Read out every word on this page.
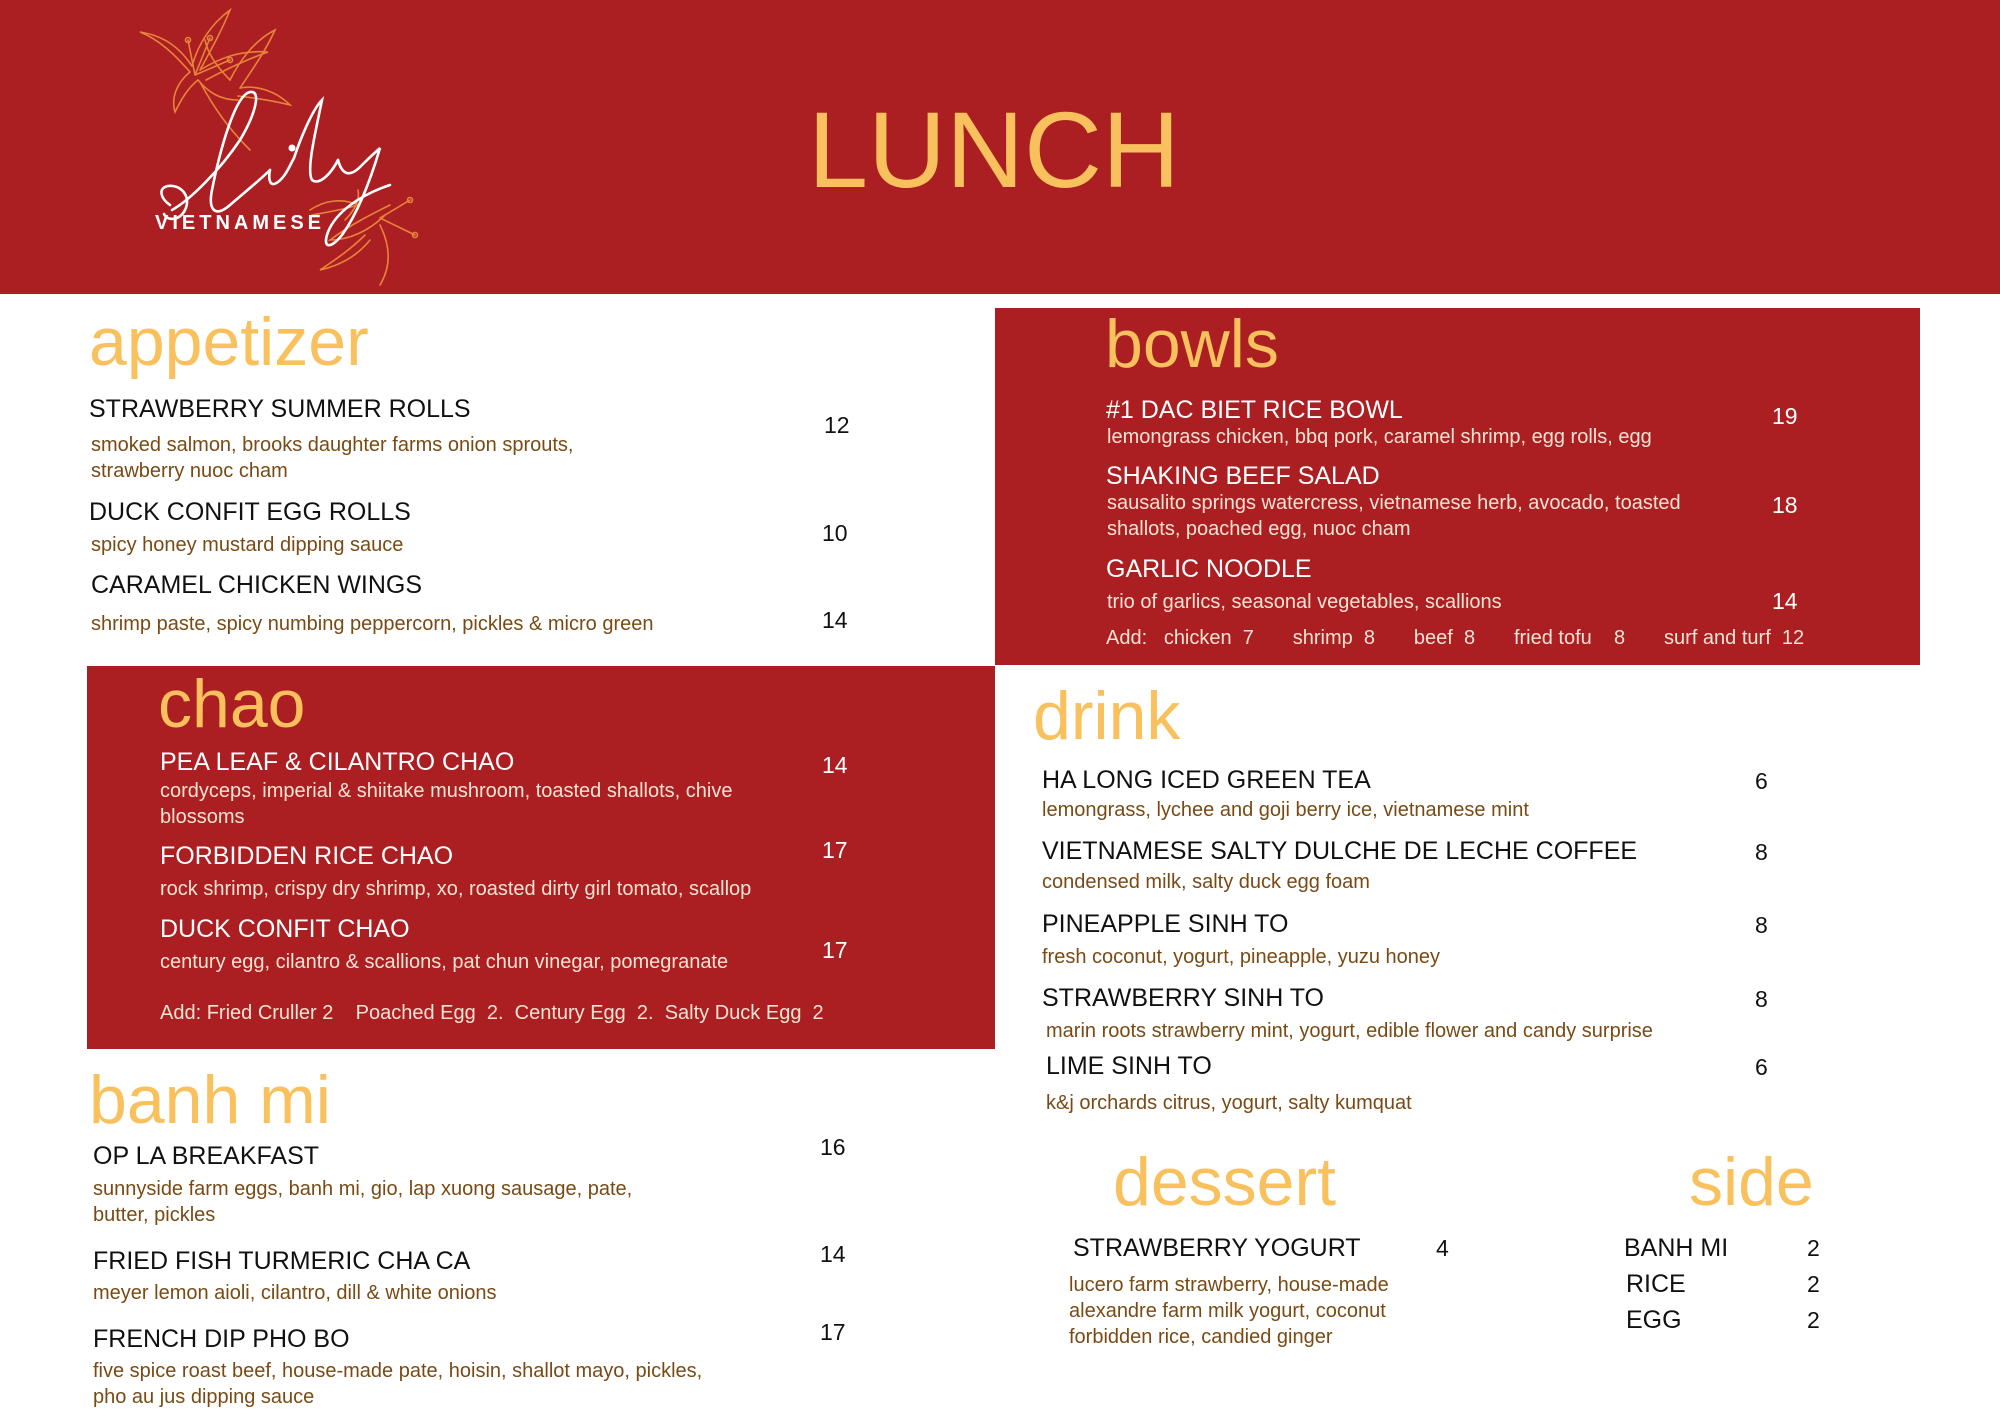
VIETNAMESE
LUNCH
appetizer
STRAWBERRY SUMMER ROLLS
smoked salmon, brooks daughter farms onion sprouts, strawberry nuoc cham
12
DUCK CONFIT EGG ROLLS
spicy honey mustard dipping sauce	10
CARAMEL CHICKEN WINGS
shrimp paste, spicy numbing peppercorn, pickles & micro green	14
bowls
#1 DAC BIET RICE BOWL
lemongrass chicken, bbq pork, caramel shrimp, egg rolls, egg
19
SHAKING BEEF SALAD
sausalito springs watercress, vietnamese herb, avocado, toasted shallots, poached egg, nuoc cham
18
GARLIC NOODLE
trio of garlics, seasonal vegetables, scallions	14
Add:   chicken  7       shrimp  8       beef  8       fried tofu    8       surf and turf  12
chao
PEA LEAF & CILANTRO CHAO
cordyceps, imperial & shiitake mushroom, toasted shallots, chive blossoms
14
FORBIDDEN RICE CHAO
rock shrimp, crispy dry shrimp, xo, roasted dirty girl tomato, scallop
17
DUCK CONFIT CHAO
century egg, cilantro & scallions, pat chun vinegar, pomegranate	17
Add: Fried Cruller 2    Poached Egg  2.  Century Egg  2.  Salty Duck Egg  2
drink
HA LONG ICED GREEN TEA
lemongrass, lychee and goji berry ice, vietnamese mint
6
VIETNAMESE SALTY DULCHE DE LECHE COFFEE
condensed milk, salty duck egg foam
8
PINEAPPLE SINH TO
fresh coconut, yogurt, pineapple, yuzu honey
8
STRAWBERRY SINH TO
marin roots strawberry mint, yogurt, edible flower and candy surprise
8
LIME SINH TO
k&j orchards citrus, yogurt, salty kumquat
6
banh mi
OP LA BREAKFAST
sunnyside farm eggs, banh mi, gio, lap xuong sausage, pate, butter, pickles
16
FRIED FISH TURMERIC CHA CA
meyer lemon aioli, cilantro, dill & white onions
14
FRENCH DIP PHO BO
five spice roast beef, house-made pate, hoisin, shallot mayo, pickles, pho au jus dipping sauce
17
dessert
STRAWBERRY YOGURT
lucero farm strawberry, house-made alexandre farm milk yogurt, coconut forbidden rice, candied ginger
4
side
BANH MI	2
RICE	2
EGG	2
